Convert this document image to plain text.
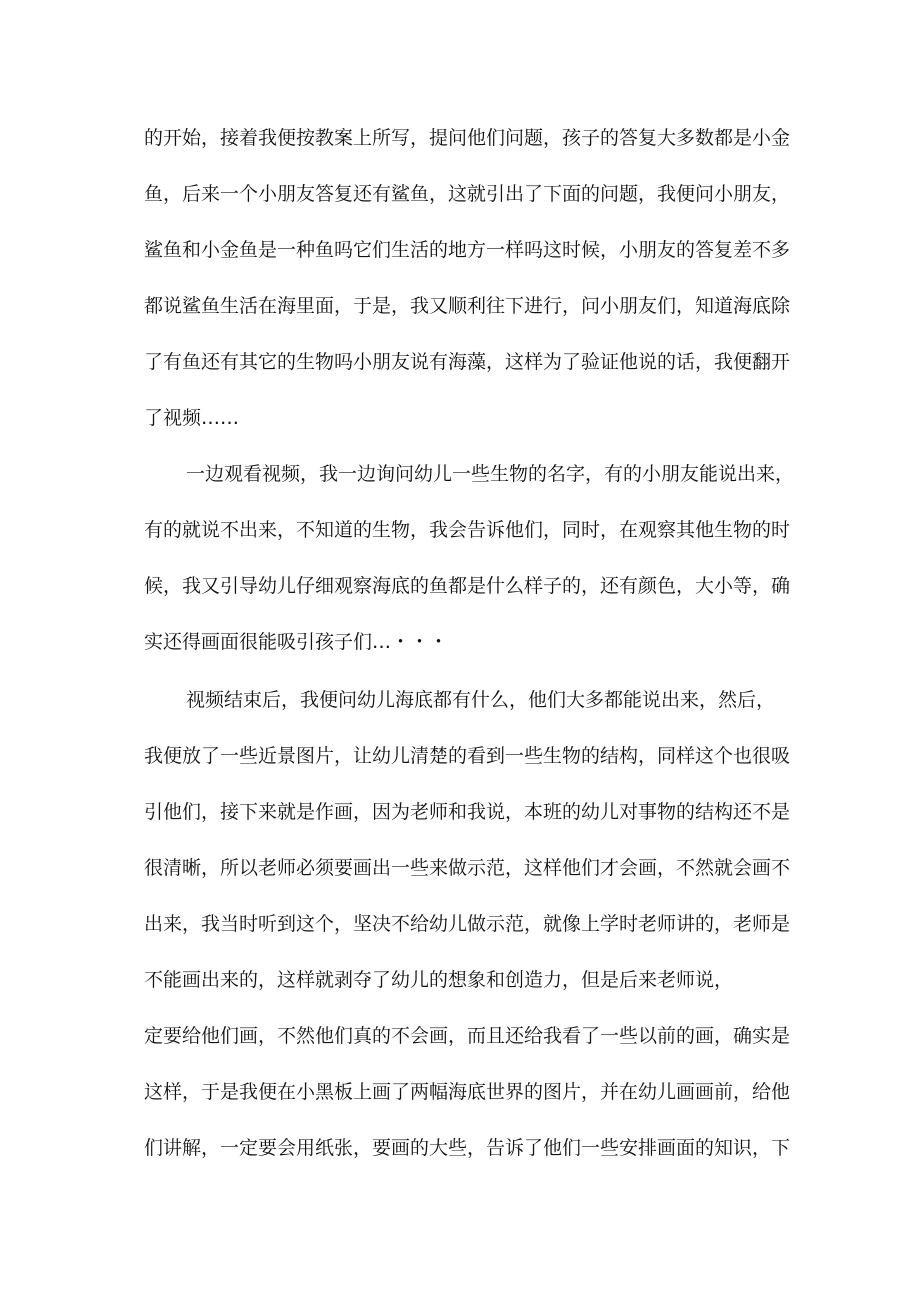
的开始，接着我便按教案上所写，提问他们问题，孩子的答复大多数都是小金
鱼，后来一个小朋友答复还有鲨鱼，这就引出了下面的问题，我便问小朋友，
鲨鱼和小金鱼是一种鱼吗它们生活的地方一样吗这时候，小朋友的答复差不多
都说鲨鱼生活在海里面，于是，我又顺利往下进行，问小朋友们，知道海底除
了有鱼还有其它的生物吗小朋友说有海藻，这样为了验证他说的话，我便翻开
了视频……
一边观看视频，我一边询问幼儿一些生物的名字，有的小朋友能说出来，
有的就说不出来，不知道的生物，我会告诉他们，同时，在观察其他生物的时
候，我又引导幼儿仔细观察海底的鱼都是什么样子的，还有颜色，大小等，确
实还得画面很能吸引孩子们…・・・
视频结束后，我便问幼儿海底都有什么，他们大多都能说出来，然后，
我便放了一些近景图片，让幼儿清楚的看到一些生物的结构，同样这个也很吸
引他们，接下来就是作画，因为老师和我说，本班的幼儿对事物的结构还不是
很清晰，所以老师必须要画出一些来做示范，这样他们才会画，不然就会画不
出来，我当时听到这个，坚决不给幼儿做示范，就像上学时老师讲的，老师是
不能画出来的，这样就剥夺了幼儿的想象和创造力，但是后来老师说，
定要给他们画，不然他们真的不会画，而且还给我看了一些以前的画，确实是
这样，于是我便在小黑板上画了两幅海底世界的图片，并在幼儿画画前，给他
们讲解，一定要会用纸张，要画的大些，告诉了他们一些安排画面的知识，下
